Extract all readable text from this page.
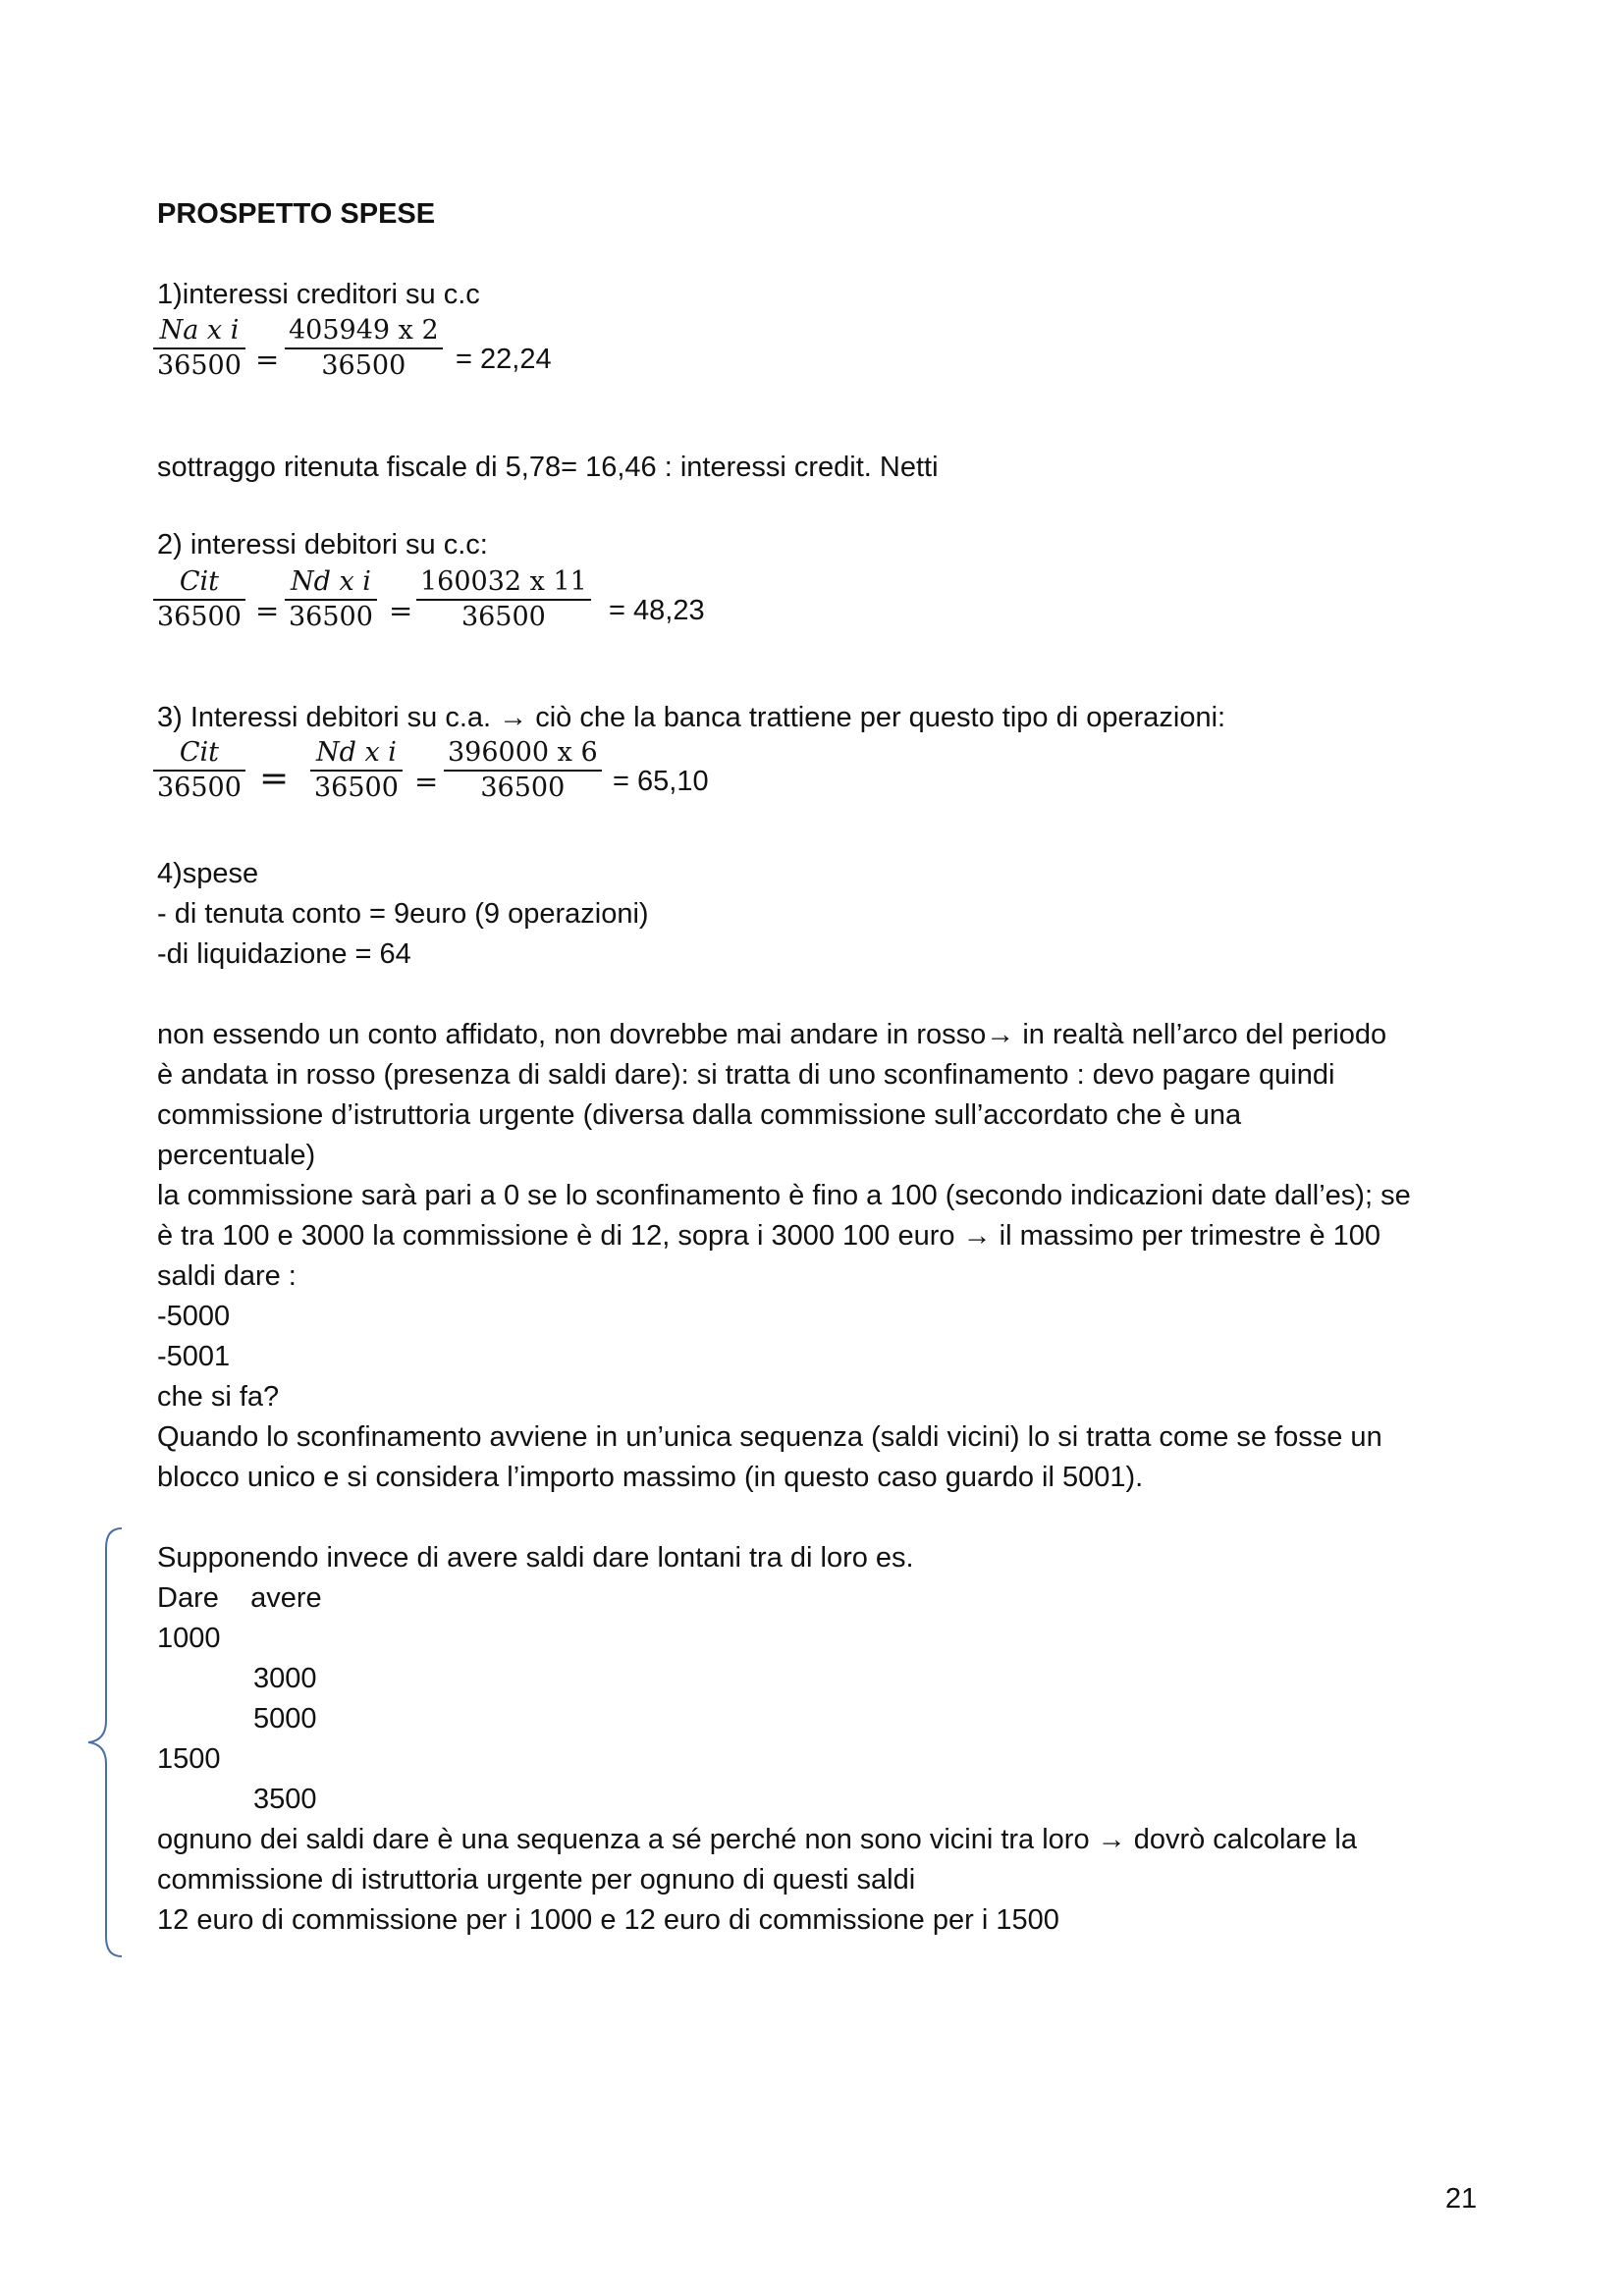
PROSPETTO SPESE
1)interessi creditori su c.c
Na x i
36500 =
405949 x 2
36500 = 22,24
sottraggo ritenuta fiscale di 5,78= 16,46 : interessi credit. Netti
2) interessi debitori su c.c:
Cit
36500 =
Nd x i
36500 =
160032 x 11
36500 = 48,23
3) Interessi debitori su c.a. → ciò che la banca trattiene per questo tipo di operazioni:
Cit
36500 =
Nd x i
36500 =
396000 x 6
36500 = 65,10
4)spese
- di tenuta conto = 9euro (9 operazioni)
-di liquidazione = 64
non essendo un conto affidato, non dovrebbe mai andare in rosso→ in realtà nell’arco del periodo
è andata in rosso (presenza di saldi dare): si tratta di uno sconfinamento : devo pagare quindi
commissione d’istruttoria urgente (diversa dalla commissione sull’accordato che è una
percentuale)
la commissione sarà pari a 0 se lo sconfinamento è fino a 100 (secondo indicazioni date dall’es); se
è tra 100 e 3000 la commissione è di 12, sopra i 3000 100 euro → il massimo per trimestre è 100
saldi dare :
-5000
-5001
che si fa?
Quando lo sconfinamento avviene in un’unica sequenza (saldi vicini) lo si tratta come se fosse un
blocco unico e si considera l’importo massimo (in questo caso guardo il 5001).
Supponendo invece di avere saldi dare lontani tra di loro es.
Dare    avere
1000
3000
5000
1500
3500
ognuno dei saldi dare è una sequenza a sé perché non sono vicini tra loro → dovrò calcolare la
commissione di istruttoria urgente per ognuno di questi saldi
12 euro di commissione per i 1000 e 12 euro di commissione per i 1500
21
